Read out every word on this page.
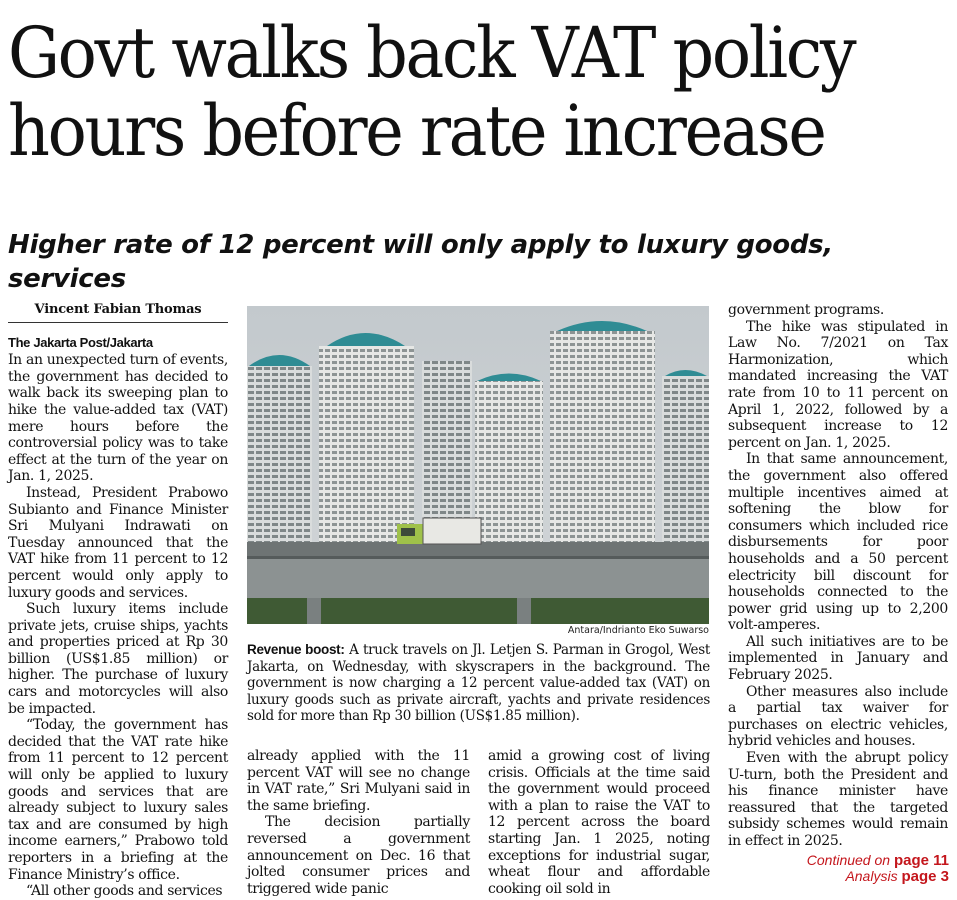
Govt walks back VAT policy
hours before rate increase
Higher rate of 12 percent will only apply to luxury goods, services
Vincent Fabian Thomas
The Jakarta Post/Jakarta

In an unexpected turn of events, the government has decided to walk back its sweeping plan to hike the value-added tax (VAT) mere hours before the controversial policy was to take effect at the turn of the year on Jan. 1, 2025.

Instead, President Prabowo Subianto and Finance Minister Sri Mulyani Indrawati on Tuesday announced that the VAT hike from 11 percent to 12 percent would only apply to luxury goods and services.

Such luxury items include private jets, cruise ships, yachts and properties priced at Rp 30 billion (US$1.85 million) or higher. The purchase of luxury cars and motorcycles will also be impacted.

“Today, the government has decided that the VAT rate hike from 11 percent to 12 percent will only be applied to luxury goods and services that are already subject to luxury sales tax and are consumed by high income earners,” Prabowo told reporters in a briefing at the Finance Ministry’s office.

“All other goods and services

Antara/Indrianto Eko Suwarso
Revenue boost: A truck travels on Jl. Letjen S. Parman in Grogol, West Jakarta, on Wednesday, with skyscrapers in the background. The government is now charging a 12 percent value-added tax (VAT) on luxury goods such as private aircraft, yachts and private residences sold for more than Rp 30 billion (US$1.85 million).

already applied with the 11 percent VAT will see no change in VAT rate,” Sri Mulyani said in the same briefing.

The decision partially reversed a government announcement on Dec. 16 that jolted consumer prices and triggered wide panic

amid a growing cost of living crisis. Officials at the time said the government would proceed with a plan to raise the VAT to 12 percent across the board starting Jan. 1 2025, noting exceptions for industrial sugar, wheat flour and affordable cooking oil sold in

government programs.

The hike was stipulated in Law No. 7/2021 on Tax Harmonization, which mandated increasing the VAT rate from 10 to 11 percent on April 1, 2022, followed by a subsequent increase to 12 percent on Jan. 1, 2025.

In that same announcement, the government also offered multiple incentives aimed at softening the blow for consumers which included rice disbursements for poor households and a 50 percent electricity bill discount for households connected to the power grid using up to 2,200 volt-amperes.

All such initiatives are to be implemented in January and February 2025.

Other measures also include a partial tax waiver for purchases on electric vehicles, hybrid vehicles and houses.

Even with the abrupt policy U-turn, both the President and his finance minister have reassured that the targeted subsidy schemes would remain in effect in 2025.

Continued on page 11
Analysis page 3
